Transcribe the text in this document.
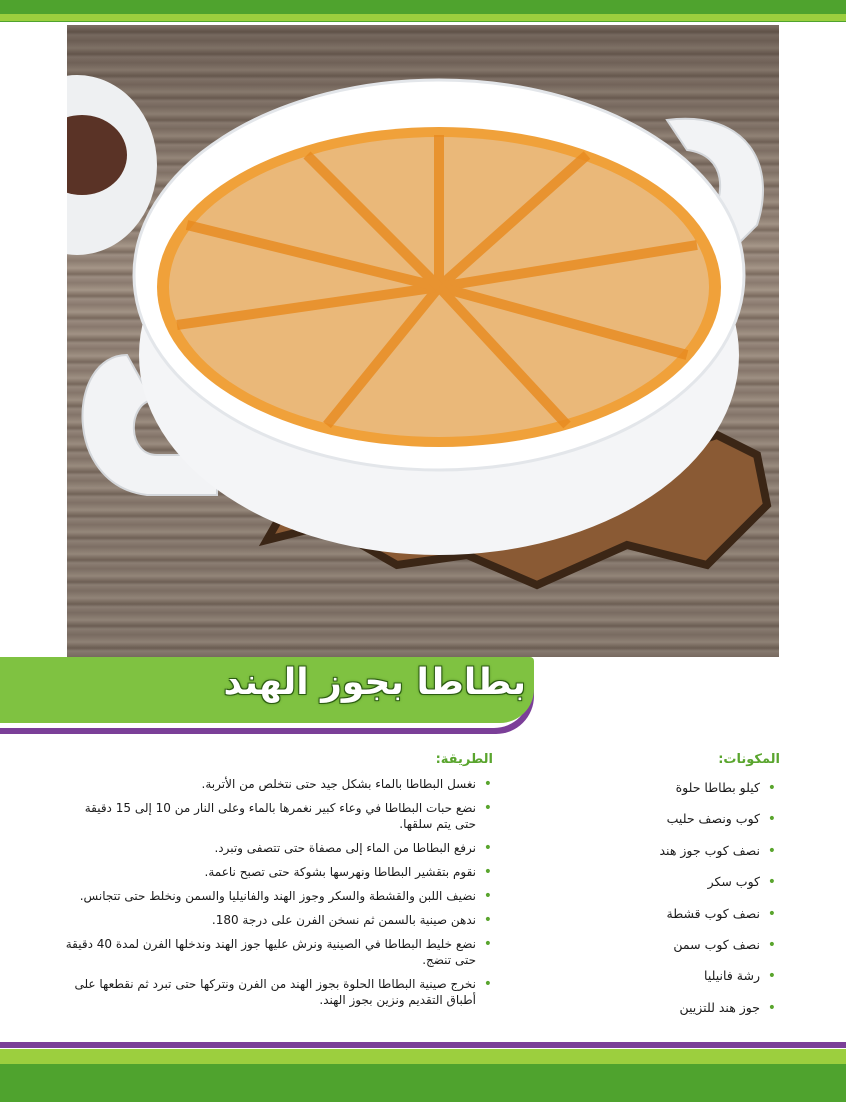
بطاطا بجوز الهند
المكونات:
الطريقة:
•
كيلو بطاطا حلوة
•
كوب ونصف حليب
•
نصف كوب جوز هند
•
كوب سكر
•
نصف كوب قشطة
•
نصف كوب سمن
•
رشة فانيليا
•
جوز هند للتزيين
•
نغسل البطاطا بالماء بشكل جيد حتى نتخلص من الأتربة.
•
نضع حبات البطاطا في وعاء كبير نغمرها بالماء وعلى النار من 10 إلى 15 دقيقة حتى يتم سلقها.
•
نرفع البطاطا من الماء إلى مصفاة حتى تتصفى وتبرد.
•
نقوم بتقشير البطاطا ونهرسها بشوكة حتى تصبح ناعمة.
•
نضيف اللبن والقشطة والسكر وجوز الهند والفانيليا والسمن ونخلط حتى تتجانس.
•
ندهن صينية بالسمن ثم نسخن الفرن على درجة 180.
•
نضع خليط البطاطا في الصينية ونرش عليها جوز الهند وندخلها الفرن لمدة 40 دقيقة حتى تنضج.
•
نخرج صينية البطاطا الحلوة بجوز الهند من الفرن ونتركها حتى تبرد ثم نقطعها على أطباق التقديم ونزين بجوز الهند.
